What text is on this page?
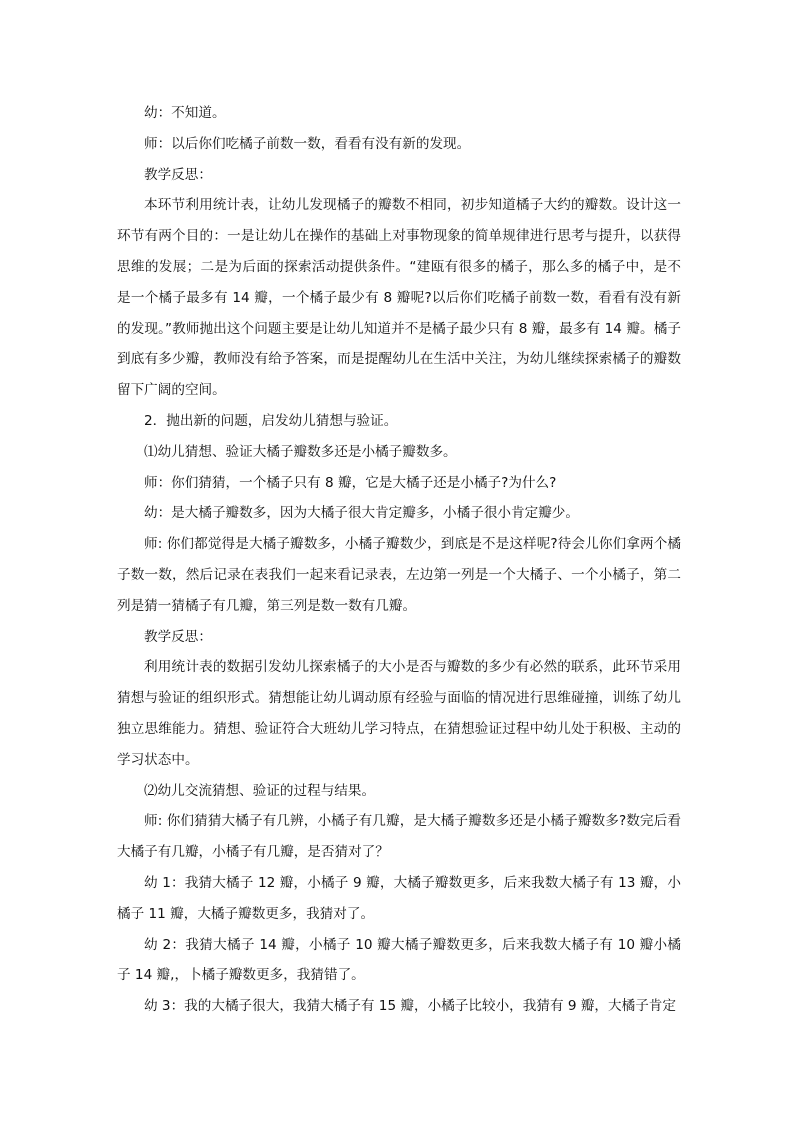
幼：不知道。

师：以后你们吃橘子前数一数，看看有没有新的发现。

教学反思：

本环节利用统计表，让幼儿发现橘子的瓣数不相同，初步知道橘子大约的瓣数。设计这一环节有两个目的：一是让幼儿在操作的基础上对事物现象的简单规律进行思考与提升，以获得思维的发展；二是为后面的探索活动提供条件。“建瓯有很多的橘子，那么多的橘子中，是不是一个橘子最多有 14 瓣，一个橘子最少有 8 瓣呢?以后你们吃橘子前数一数，看看有没有新的发现。”教师抛出这个问题主要是让幼儿知道并不是橘子最少只有 8 瓣，最多有 14 瓣。橘子到底有多少瓣，教师没有给予答案，而是提醒幼儿在生活中关注，为幼儿继续探索橘子的瓣数留下广阔的空间。

2．抛出新的问题，启发幼儿猜想与验证。

⑴幼儿猜想、验证大橘子瓣数多还是小橘子瓣数多。

师：你们猜猜，一个橘子只有 8 瓣，它是大橘子还是小橘子?为什么?

幼：是大橘子瓣数多，因为大橘子很大肯定瓣多，小橘子很小肯定瓣少。

师: 你们都觉得是大橘子瓣数多，小橘子瓣数少，到底是不是这样呢?待会儿你们拿两个橘子数一数，然后记录在表我们一起来看记录表，左边第一列是一个大橘子、一个小橘子，第二列是猜一猜橘子有几瓣，第三列是数一数有几瓣。

教学反思：

利用统计表的数据引发幼儿探索橘子的大小是否与瓣数的多少有必然的联系，此环节采用猜想与验证的组织形式。猜想能让幼儿调动原有经验与面临的情况进行思维碰撞，训练了幼儿独立思维能力。猜想、验证符合大班幼儿学习特点，在猜想验证过程中幼儿处于积极、主动的学习状态中。

⑵幼儿交流猜想、验证的过程与结果。

师: 你们猜猜大橘子有几辨，小橘子有几瓣，是大橘子瓣数多还是小橘子瓣数多?数完后看大橘子有几瓣，小橘子有几瓣，是否猜对了？

幼 1：我猜大橘子 12 瓣，小橘子 9 瓣，大橘子瓣数更多，后来我数大橘子有 13 瓣，小橘子 11 瓣，大橘子瓣数更多，我猜对了。

幼 2：我猜大橘子 14 瓣，小橘子 10 瓣大橘子瓣数更多，后来我数大橘子有 10 瓣小橘子 14 瓣,，卜橘子瓣数更多，我猜错了。

幼 3：我的大橘子很大，我猜大橘子有 15 瓣，小橘子比较小，我猜有 9 瓣，大橘子肯定
